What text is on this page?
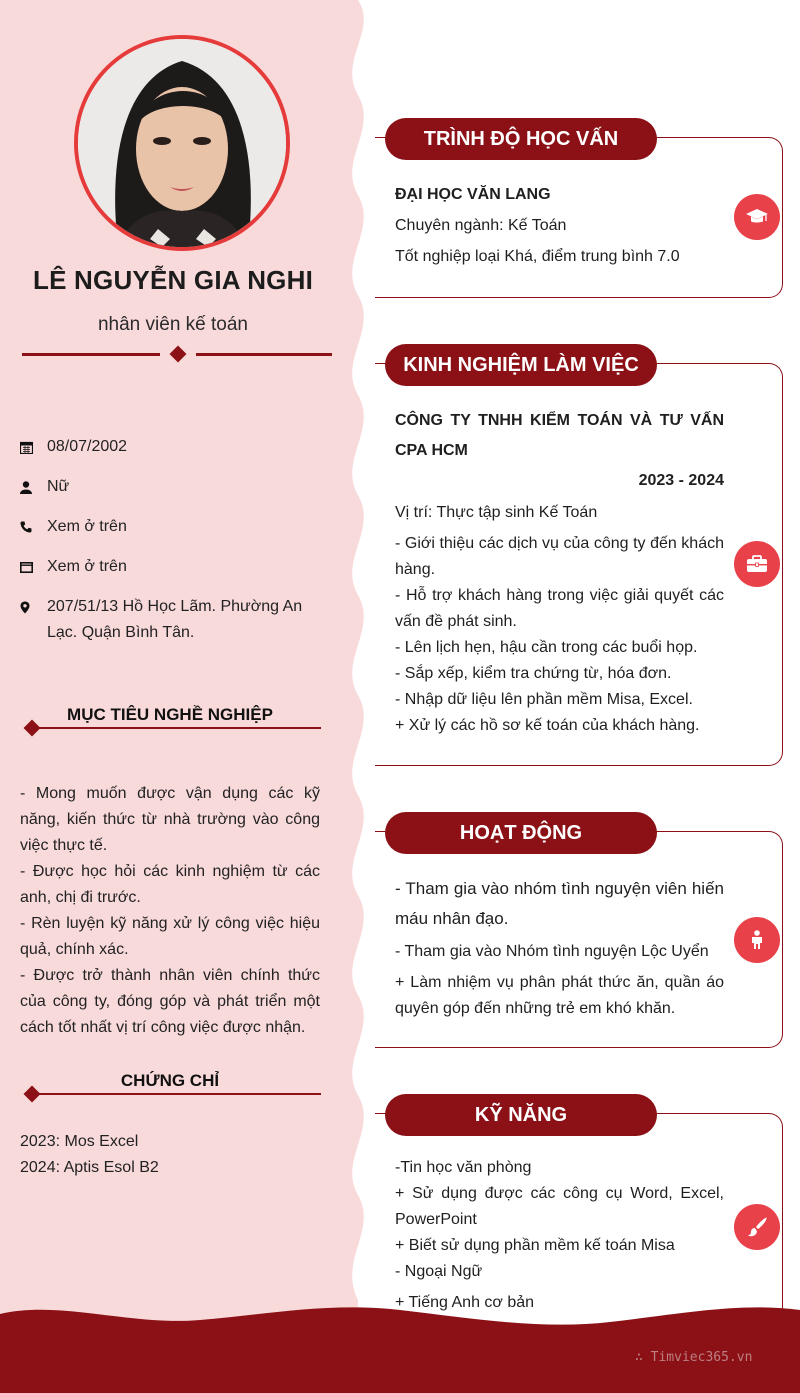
LÊ NGUYỄN GIA NGHI
nhân viên kế toán
08/07/2002
Nữ
Xem ở trên
Xem ở trên
207/51/13 Hồ Học Lãm. Phường An Lạc. Quận Bình Tân.
MỤC TIÊU NGHỀ NGHIỆP

- Mong muốn được vận dụng các kỹ năng, kiến thức từ nhà trường vào công việc thực tế.

- Được học hỏi các kinh nghiệm từ các anh, chị đi trước.

- Rèn luyện kỹ năng xử lý công việc hiệu quả, chính xác.

- Được trở thành nhân viên chính thức của công ty, đóng góp và phát triển một cách tốt nhất vị trí công việc được nhận.

CHỨNG CHỈ

2023: Mos Excel

2024: Aptis Esol B2

TRÌNH ĐỘ HỌC VẤN

ĐẠI HỌC VĂN LANG

Chuyên ngành: Kế Toán

Tốt nghiệp loại Khá, điểm trung bình 7.0

KINH NGHIỆM LÀM VIỆC

CÔNG TY TNHH KIỂM TOÁN VÀ TƯ VẤN CPA HCM

2023 - 2024

Vị trí: Thực tập sinh Kế Toán

- Giới thiệu các dịch vụ của công ty đến khách hàng.

- Hỗ trợ khách hàng trong việc giải quyết các vấn đề phát sinh.

- Lên lịch hẹn, hậu cần trong các buổi họp.

- Sắp xếp, kiểm tra chứng từ, hóa đơn.

- Nhập dữ liệu lên phần mềm Misa, Excel.

+ Xử lý các hồ sơ kế toán của khách hàng.

HOẠT ĐỘNG

- Tham gia vào nhóm tình nguyện viên hiến máu nhân đạo.

- Tham gia vào Nhóm tình nguyện Lộc Uyển

+ Làm nhiệm vụ phân phát thức ăn, quần áo quyên góp đến những trẻ em khó khăn.

KỸ NĂNG

-Tin học văn phòng

+ Sử dụng được các công cụ Word, Excel, PowerPoint

+ Biết sử dụng phần mềm kế toán Misa

- Ngoại Ngữ

+ Tiếng Anh cơ bản

∴ Timviec365.vn
